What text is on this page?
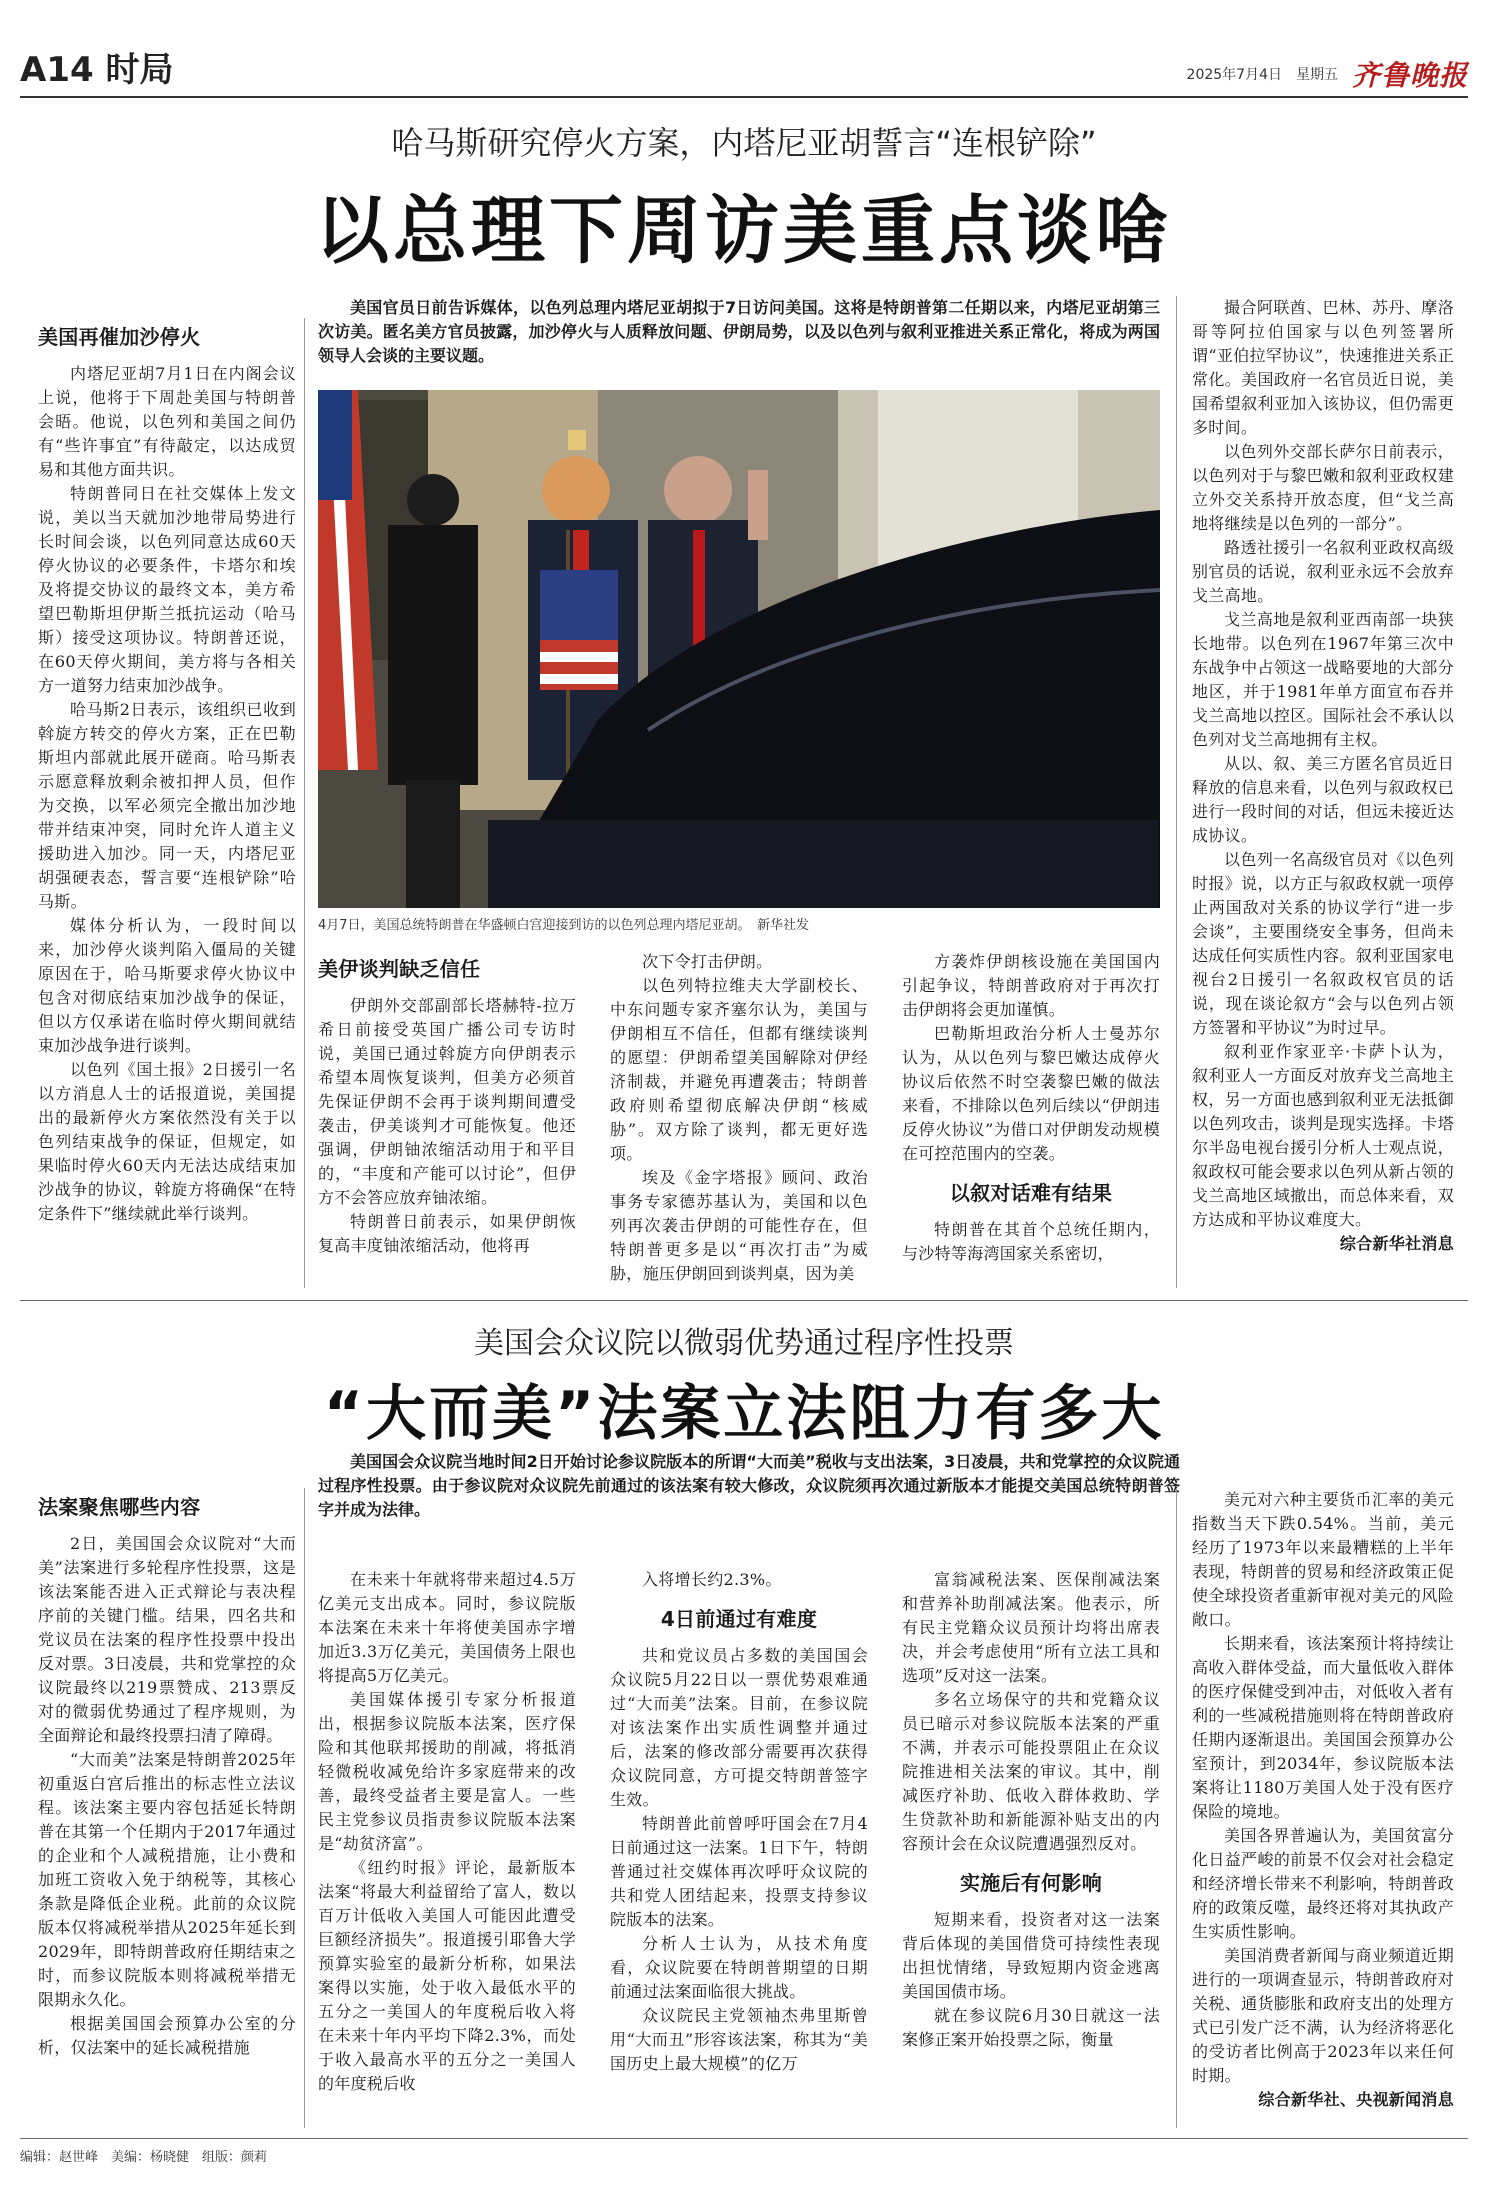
A14 时局	2025年7月4日 星期五 齐鲁晚报
哈马斯研究停火方案，内塔尼亚胡誓言“连根铲除”
以总理下周访美重点谈啥
美国官员日前告诉媒体，以色列总理内塔尼亚胡拟于7日访问美国。这将是特朗普第二任期以来，内塔尼亚胡第三次访美。匿名美方官员披露，加沙停火与人质释放问题、伊朗局势，以及以色列与叙利亚推进关系正常化，将成为两国领导人会谈的主要议题。
4月7日，美国总统特朗普在华盛顿白宫迎接到访的以色列总理内塔尼亚胡。　新华社发
美国再催加沙停火

内塔尼亚胡7月1日在内阁会议上说，他将于下周赴美国与特朗普会晤。他说，以色列和美国之间仍有“些许事宜”有待敲定，以达成贸易和其他方面共识。

特朗普同日在社交媒体上发文说，美以当天就加沙地带局势进行长时间会谈，以色列同意达成60天停火协议的必要条件，卡塔尔和埃及将提交协议的最终文本，美方希望巴勒斯坦伊斯兰抵抗运动（哈马斯）接受这项协议。特朗普还说，在60天停火期间，美方将与各相关方一道努力结束加沙战争。

哈马斯2日表示，该组织已收到斡旋方转交的停火方案，正在巴勒斯坦内部就此展开磋商。哈马斯表示愿意释放剩余被扣押人员，但作为交换，以军必须完全撤出加沙地带并结束冲突，同时允许人道主义援助进入加沙。同一天，内塔尼亚胡强硬表态，誓言要“连根铲除”哈马斯。

媒体分析认为，一段时间以来，加沙停火谈判陷入僵局的关键原因在于，哈马斯要求停火协议中包含对彻底结束加沙战争的保证，但以方仅承诺在临时停火期间就结束加沙战争进行谈判。

以色列《国土报》2日援引一名以方消息人士的话报道说，美国提出的最新停火方案依然没有关于以色列结束战争的保证，但规定，如果临时停火60天内无法达成结束加沙战争的协议，斡旋方将确保“在特定条件下”继续就此举行谈判。

美伊谈判缺乏信任

伊朗外交部副部长塔赫特-拉万希日前接受英国广播公司专访时说，美国已通过斡旋方向伊朗表示希望本周恢复谈判，但美方必须首先保证伊朗不会再于谈判期间遭受袭击，伊美谈判才可能恢复。他还强调，伊朗铀浓缩活动用于和平目的，“丰度和产能可以讨论”，但伊方不会答应放弃铀浓缩。

特朗普日前表示，如果伊朗恢复高丰度铀浓缩活动，他将再

次下令打击伊朗。

以色列特拉维夫大学副校长、中东问题专家齐塞尔认为，美国与伊朗相互不信任，但都有继续谈判的愿望：伊朗希望美国解除对伊经济制裁，并避免再遭袭击；特朗普政府则希望彻底解决伊朗“核威胁”。双方除了谈判，都无更好选项。

埃及《金字塔报》顾问、政治事务专家德苏基认为，美国和以色列再次袭击伊朗的可能性存在，但特朗普更多是以“再次打击”为威胁，施压伊朗回到谈判桌，因为美

方袭炸伊朗核设施在美国国内引起争议，特朗普政府对于再次打击伊朗将会更加谨慎。

巴勒斯坦政治分析人士曼苏尔认为，从以色列与黎巴嫩达成停火协议后依然不时空袭黎巴嫩的做法来看，不排除以色列后续以“伊朗违反停火协议”为借口对伊朗发动规模在可控范围内的空袭。

以叙对话难有结果

特朗普在其首个总统任期内，与沙特等海湾国家关系密切，

撮合阿联酋、巴林、苏丹、摩洛哥等阿拉伯国家与以色列签署所谓“亚伯拉罕协议”，快速推进关系正常化。美国政府一名官员近日说，美国希望叙利亚加入该协议，但仍需更多时间。

以色列外交部长萨尔日前表示，以色列对于与黎巴嫩和叙利亚政权建立外交关系持开放态度，但“戈兰高地将继续是以色列的一部分”。

路透社援引一名叙利亚政权高级别官员的话说，叙利亚永远不会放弃戈兰高地。

戈兰高地是叙利亚西南部一块狭长地带。以色列在1967年第三次中东战争中占领这一战略要地的大部分地区，并于1981年单方面宣布吞并戈兰高地以控区。国际社会不承认以色列对戈兰高地拥有主权。

从以、叙、美三方匿名官员近日释放的信息来看，以色列与叙政权已进行一段时间的对话，但远未接近达成协议。

以色列一名高级官员对《以色列时报》说，以方正与叙政权就一项停止两国敌对关系的协议学行“进一步会谈”，主要围绕安全事务，但尚未达成任何实质性内容。叙利亚国家电视台2日援引一名叙政权官员的话说，现在谈论叙方“会与以色列占领方签署和平协议”为时过早。

叙利亚作家亚辛·卡萨卜认为，叙利亚人一方面反对放弃戈兰高地主权，另一方面也感到叙利亚无法抵御以色列攻击，谈判是现实选择。卡塔尔半岛电视台援引分析人士观点说，叙政权可能会要求以色列从新占领的戈兰高地区域撤出，而总体来看，双方达成和平协议难度大。

综合新华社消息
美国会众议院以微弱优势通过程序性投票
“大而美”法案立法阻力有多大
美国国会众议院当地时间2日开始讨论参议院版本的所谓“大而美”税收与支出法案，3日凌晨，共和党掌控的众议院通过程序性投票。由于参议院对众议院先前通过的该法案有较大修改，众议院须再次通过新版本才能提交美国总统特朗普签字并成为法律。
法案聚焦哪些内容

2日，美国国会众议院对“大而美”法案进行多轮程序性投票，这是该法案能否进入正式辩论与表决程序前的关键门槛。结果，四名共和党议员在法案的程序性投票中投出反对票。3日凌晨，共和党掌控的众议院最终以219票赞成、213票反对的微弱优势通过了程序规则，为全面辩论和最终投票扫清了障碍。

“大而美”法案是特朗普2025年初重返白宫后推出的标志性立法议程。该法案主要内容包括延长特朗普在其第一个任期内于2017年通过的企业和个人减税措施，让小费和加班工资收入免于纳税等，其核心条款是降低企业税。此前的众议院版本仅将减税举措从2025年延长到2029年，即特朗普政府任期结束之时，而参议院版本则将减税举措无限期永久化。

根据美国国会预算办公室的分析，仅法案中的延长减税措施

在未来十年就将带来超过4.5万亿美元支出成本。同时，参议院版本法案在未来十年将使美国赤字增加近3.3万亿美元，美国债务上限也将提高5万亿美元。

美国媒体援引专家分析报道出，根据参议院版本法案，医疗保险和其他联邦援助的削减，将抵消轻微税收减免给许多家庭带来的改善，最终受益者主要是富人。一些民主党参议员指责参议院版本法案是“劫贫济富”。

《纽约时报》评论，最新版本法案“将最大利益留给了富人，数以百万计低收入美国人可能因此遭受巨额经济损失”。报道援引耶鲁大学预算实验室的最新分析称，如果法案得以实施，处于收入最低水平的五分之一美国人的年度税后收入将在未来十年内平均下降2.3%，而处于收入最高水平的五分之一美国人的年度税后收

入将增长约2.3%。

4日前通过有难度

共和党议员占多数的美国国会众议院5月22日以一票优势艰难通过“大而美”法案。目前，在参议院对该法案作出实质性调整并通过后，法案的修改部分需要再次获得众议院同意，方可提交特朗普签字生效。

特朗普此前曾呼吁国会在7月4日前通过这一法案。1日下午，特朗普通过社交媒体再次呼吁众议院的共和党人团结起来，投票支持参议院版本的法案。

分析人士认为，从技术角度看，众议院要在特朗普期望的日期前通过法案面临很大挑战。

众议院民主党领袖杰弗里斯曾用“大而丑”形容该法案，称其为“美国历史上最大规模”的亿万

富翁减税法案、医保削减法案和营养补助削减法案。他表示，所有民主党籍众议员预计均将出席表决，并会考虑使用“所有立法工具和选项”反对这一法案。

多名立场保守的共和党籍众议员已暗示对参议院版本法案的严重不满，并表示可能投票阻止在众议院推进相关法案的审议。其中，削减医疗补助、低收入群体救助、学生贷款补助和新能源补贴支出的内容预计会在众议院遭遇强烈反对。

实施后有何影响

短期来看，投资者对这一法案背后体现的美国借贷可持续性表现出担忧情绪，导致短期内资金逃离美国国债市场。

就在参议院6月30日就这一法案修正案开始投票之际，衡量

美元对六种主要货币汇率的美元指数当天下跌0.54%。当前，美元经历了1973年以来最糟糕的上半年表现，特朗普的贸易和经济政策正促使全球投资者重新审视对美元的风险敞口。

长期来看，该法案预计将持续让高收入群体受益，而大量低收入群体的医疗保健受到冲击，对低收入者有利的一些减税措施则将在特朗普政府任期内逐渐退出。美国国会预算办公室预计，到2034年，参议院版本法案将让1180万美国人处于没有医疗保险的境地。

美国各界普遍认为，美国贫富分化日益严峻的前景不仅会对社会稳定和经济增长带来不利影响，特朗普政府的政策反噬，最终还将对其执政产生实质性影响。

美国消费者新闻与商业频道近期进行的一项调查显示，特朗普政府对关税、通货膨胀和政府支出的处理方式已引发广泛不满，认为经济将恶化的受访者比例高于2023年以来任何时期。

综合新华社、央视新闻消息
编辑：赵世峰　美编：杨晓健　组版：颜莉
